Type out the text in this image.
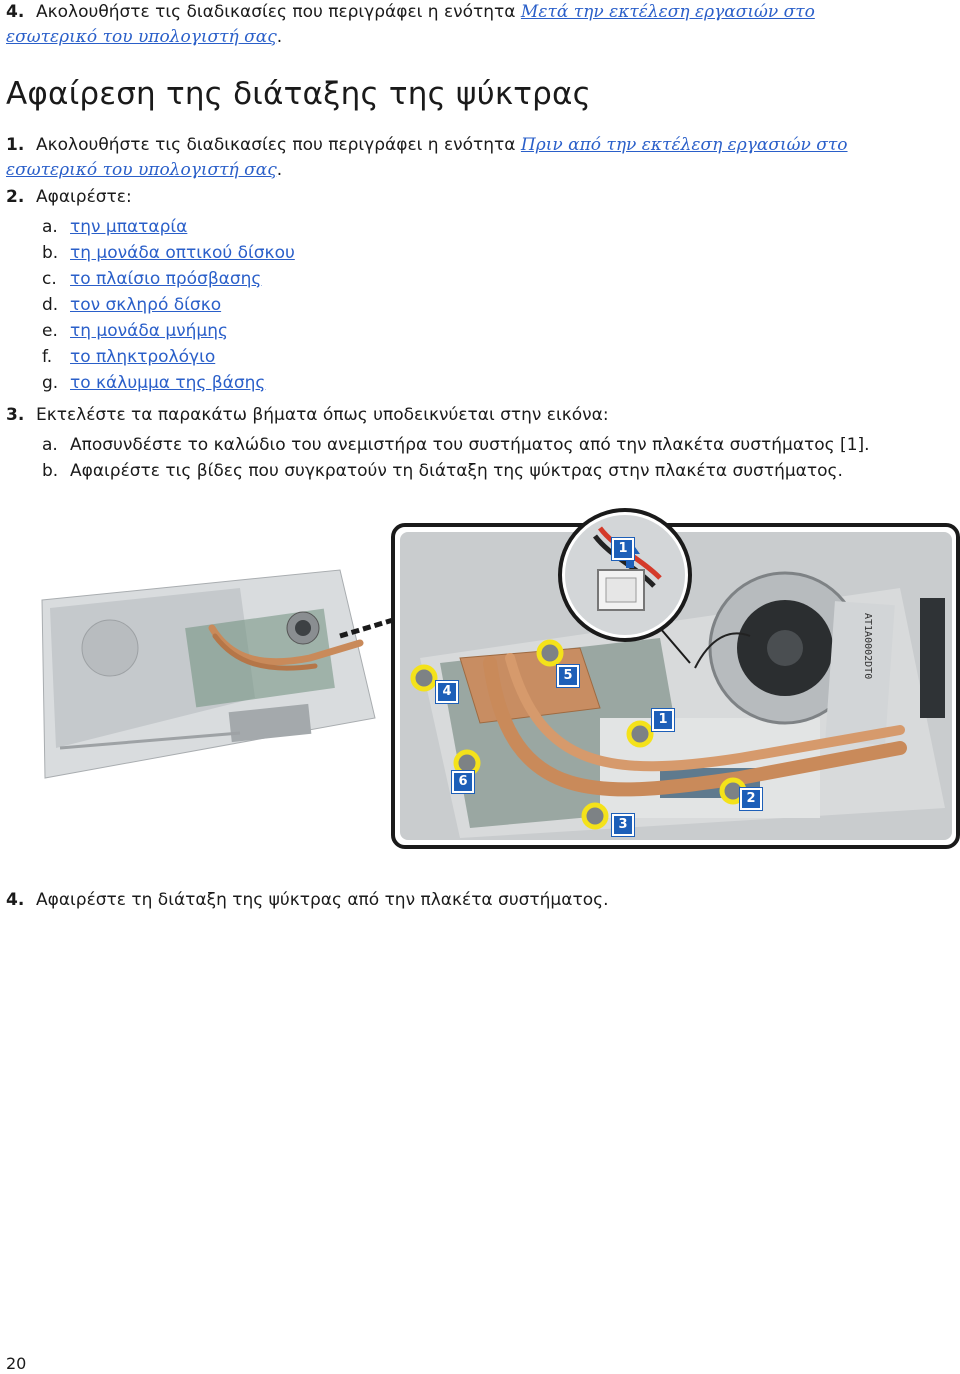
4. Ακολουθήστε τις διαδικασίες που περιγράφει η ενότητα Μετά την εκτέλεση εργασιών στο εσωτερικό του υπολογιστή σας.
Αφαίρεση της διάταξης της ψύκτρας
1. Ακολουθήστε τις διαδικασίες που περιγράφει η ενότητα Πριν από την εκτέλεση εργασιών στο εσωτερικό του υπολογιστή σας.
2. Αφαιρέστε:
a. την μπαταρία
b. τη μονάδα οπτικού δίσκου
c. το πλαίσιο πρόσβασης
d. τον σκληρό δίσκο
e. τη μονάδα μνήμης
f. το πληκτρολόγιο
g. το κάλυμμα της βάσης
3. Εκτελέστε τα παρακάτω βήματα όπως υποδεικνύεται στην εικόνα:
a. Αποσυνδέστε το καλώδιο του ανεμιστήρα του συστήματος από την πλακέτα συστήματος [1].
b. Αφαιρέστε τις βίδες που συγκρατούν τη διάταξη της ψύκτρας στην πλακέτα συστήματος.
AT1A0002DT0
1
1
2
3
4
5
6
4. Αφαιρέστε τη διάταξη της ψύκτρας από την πλακέτα συστήματος.
20
